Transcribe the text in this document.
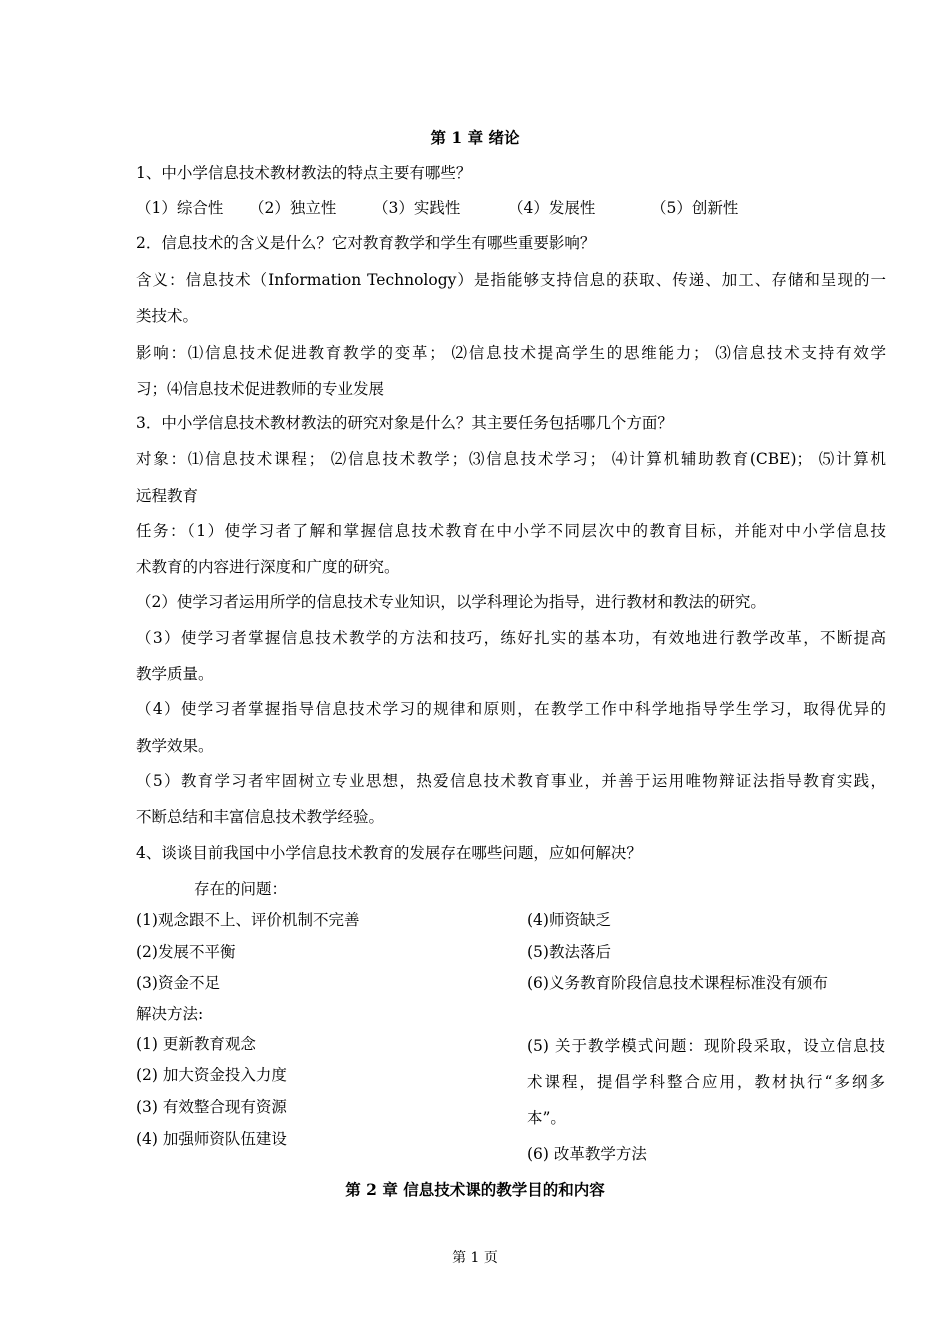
第 1 章 绪论
1、中小学信息技术教材教法的特点主要有哪些？
（1）综合性 （2）独立性 （3）实践性	（4）发展性	（5）创新性
2．信息技术的含义是什么？它对教育教学和学生有哪些重要影响？
含义：信息技术（Information Technology）是指能够支持信息的获取、传递、加工、存储和呈现的一
类技术。
影响：⑴信息技术促进教育教学的变革； ⑵信息技术提高学生的思维能力； ⑶信息技术支持有效学
习；⑷信息技术促进教师的专业发展
3．中小学信息技术教材教法的研究对象是什么？其主要任务包括哪几个方面？
对象：⑴信息技术课程； ⑵信息技术教学；⑶信息技术学习； ⑷计算机辅助教育(CBE)； ⑸计算机
远程教育
任务：（1）使学习者了解和掌握信息技术教育在中小学不同层次中的教育目标，并能对中小学信息技
术教育的内容进行深度和广度的研究。
（2）使学习者运用所学的信息技术专业知识，以学科理论为指导，进行教材和教法的研究。
（3）使学习者掌握信息技术教学的方法和技巧，练好扎实的基本功，有效地进行教学改革，不断提高
教学质量。
（4）使学习者掌握指导信息技术学习的规律和原则，在教学工作中科学地指导学生学习，取得优异的
教学效果。
（5）教育学习者牢固树立专业思想，热爱信息技术教育事业，并善于运用唯物辩证法指导教育实践，
不断总结和丰富信息技术教学经验。
4、谈谈目前我国中小学信息技术教育的发展存在哪些问题，应如何解决？
存在的问题：
(1)观念跟不上、评价机制不完善
(2)发展不平衡
(3)资金不足
(4)师资缺乏
(5)教法落后
(6)义务教育阶段信息技术课程标准没有颁布
解决方法:
(1) 更新教育观念
(2) 加大资金投入力度
(3) 有效整合现有资源
(4) 加强师资队伍建设
(5) 关于教学模式问题：现阶段采取，设立信息技
术课程，提倡学科整合应用，教材执行“多纲多
本”。
(6) 改革教学方法
第 2 章 信息技术课的教学目的和内容
第 1 页
